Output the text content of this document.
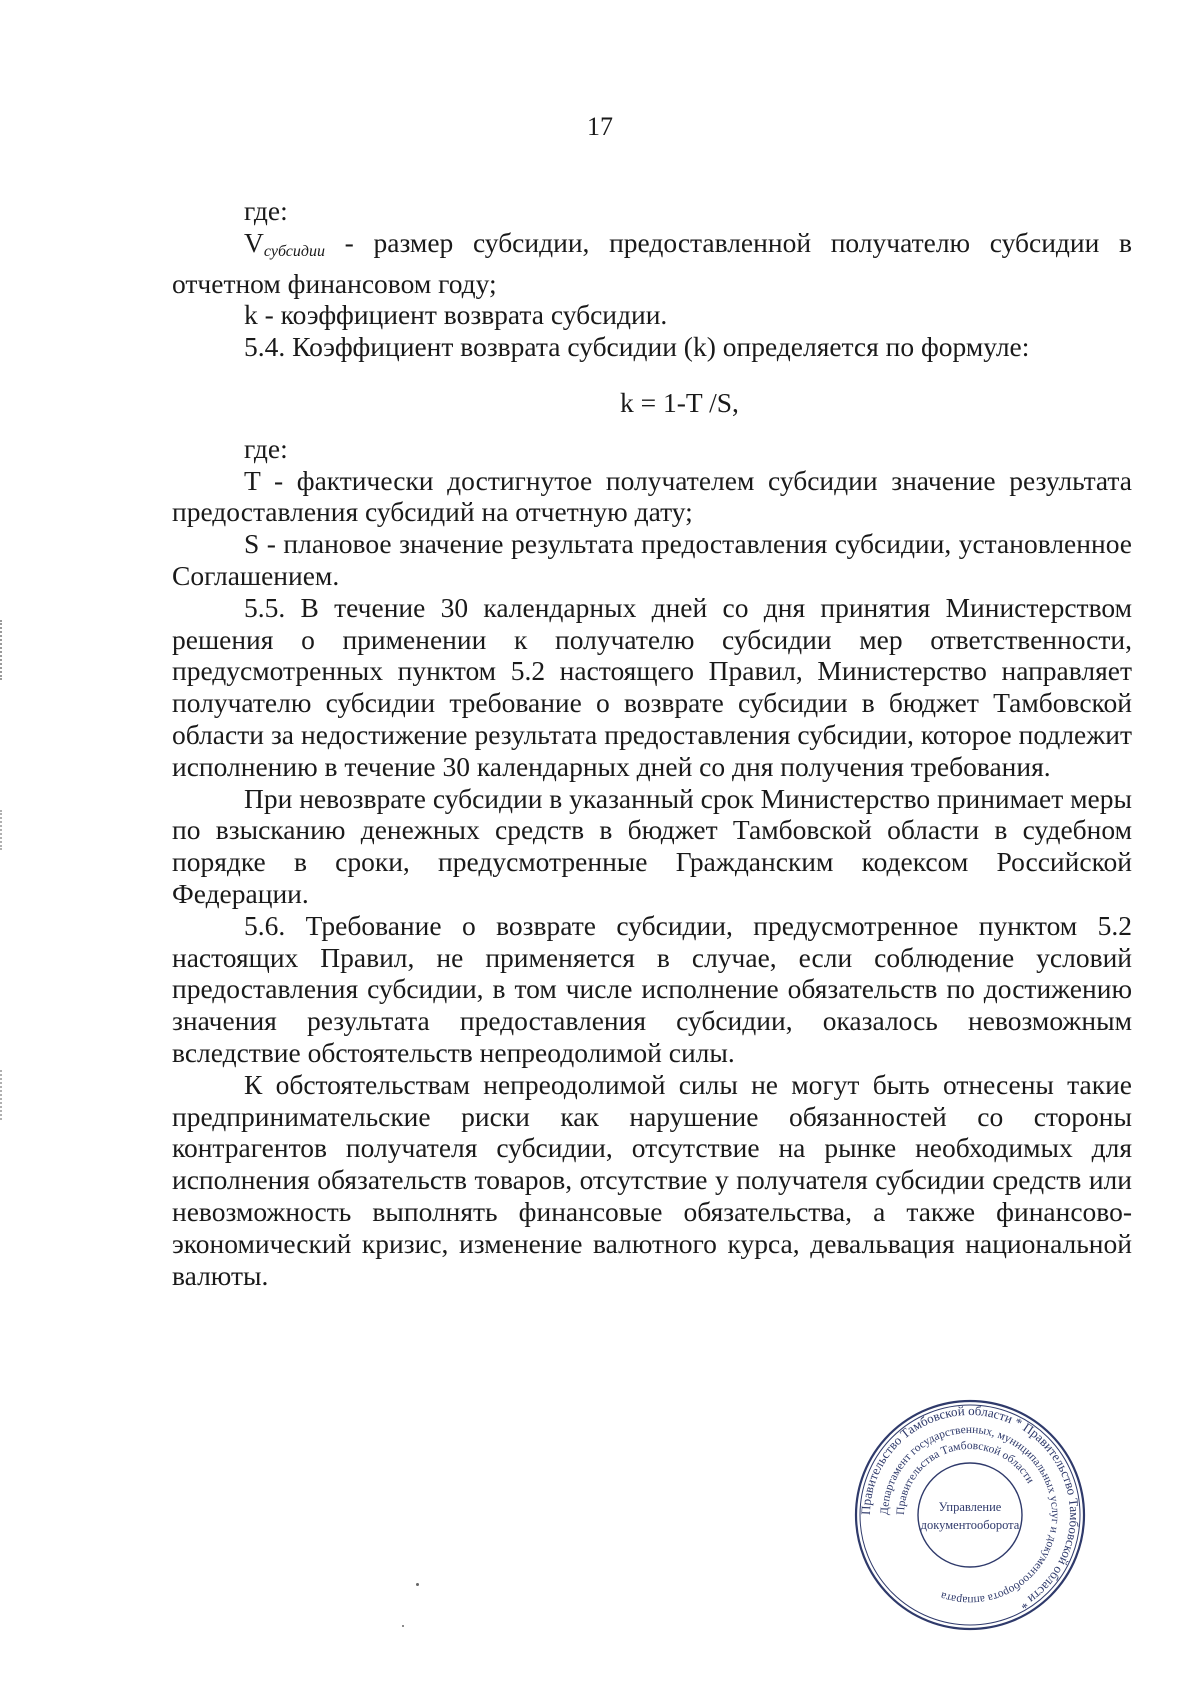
17

где:

$V_{субсидии}$ - размер субсидии, предоставленной получателю субсидии в отчетном финансовом году;

k - коэффициент возврата субсидии.

5.4. Коэффициент возврата субсидии (k) определяется по формуле:

k = 1-T /S,

где:

T - фактически достигнутое получателем субсидии значение результата предоставления субсидий на отчетную дату;

S - плановое значение результата предоставления субсидии, установленное Соглашением.

5.5. В течение 30 календарных дней со дня принятия Министерством решения о применении к получателю субсидии мер ответственности, предусмотренных пунктом 5.2 настоящего Правил, Министерство направляет получателю субсидии требование о возврате субсидии в бюджет Тамбовской области за недостижение результата предоставления субсидии, которое подлежит исполнению в течение 30 календарных дней со дня получения требования.

При невозврате субсидии в указанный срок Министерство принимает меры по взысканию денежных средств в бюджет Тамбовской области в судебном порядке в сроки, предусмотренные Гражданским кодексом Российской Федерации.

5.6. Требование о возврате субсидии, предусмотренное пунктом 5.2 настоящих Правил, не применяется в случае, если соблюдение условий предоставления субсидии, в том числе исполнение обязательств по достижению значения результата предоставления субсидии, оказалось невозможным вследствие обстоятельств непреодолимой силы.

К обстоятельствам непреодолимой силы не могут быть отнесены такие предпринимательские риски как нарушение обязанностей со стороны контрагентов получателя субсидии, отсутствие на рынке необходимых для исполнения обязательств товаров, отсутствие у получателя субсидии средств или невозможность выполнять финансовые обязательства, а также финансово-экономический кризис, изменение валютного курса, девальвация национальной валюты.

Правительство Тамбовской области * Правительство Тамбовской области *
Департамент государственных, муниципальных услуг и документооборота аппарата
Правительства Тамбовской области
Управление
документооборота
